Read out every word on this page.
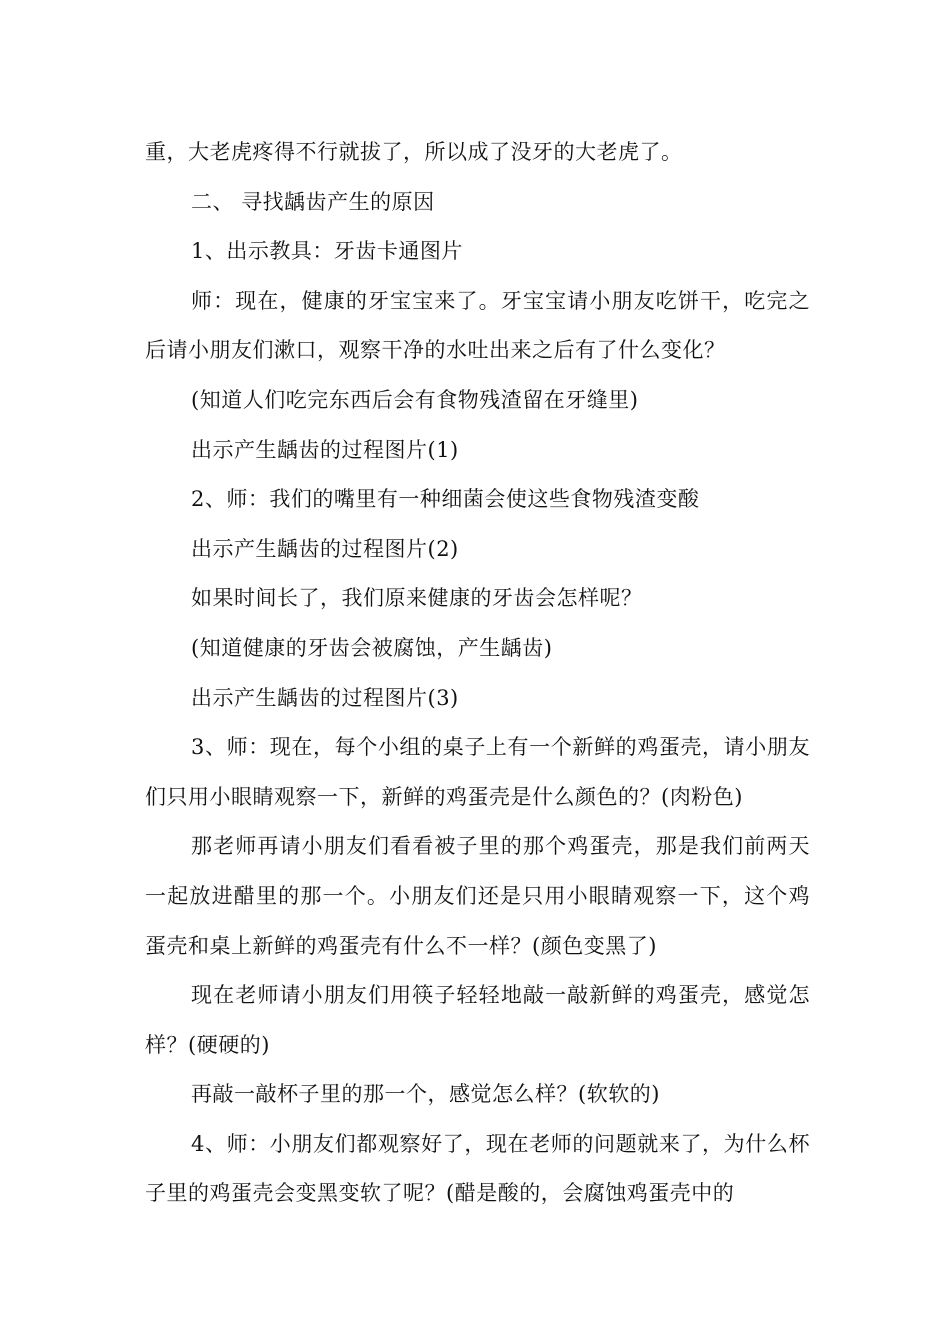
重，大老虎疼得不行就拔了，所以成了没牙的大老虎了。

二、 寻找龋齿产生的原因

1、出示教具：牙齿卡通图片

师：现在，健康的牙宝宝来了。牙宝宝请小朋友吃饼干，吃完之后请小朋友们漱口，观察干净的水吐出来之后有了什么变化？

(知道人们吃完东西后会有食物残渣留在牙缝里)

出示产生龋齿的过程图片(1)

2、师：我们的嘴里有一种细菌会使这些食物残渣变酸

出示产生龋齿的过程图片(2)

如果时间长了，我们原来健康的牙齿会怎样呢？

(知道健康的牙齿会被腐蚀，产生龋齿)

出示产生龋齿的过程图片(3)

3、师：现在，每个小组的桌子上有一个新鲜的鸡蛋壳，请小朋友们只用小眼睛观察一下，新鲜的鸡蛋壳是什么颜色的？(肉粉色)

那老师再请小朋友们看看被子里的那个鸡蛋壳，那是我们前两天一起放进醋里的那一个。小朋友们还是只用小眼睛观察一下，这个鸡蛋壳和桌上新鲜的鸡蛋壳有什么不一样？(颜色变黑了)

现在老师请小朋友们用筷子轻轻地敲一敲新鲜的鸡蛋壳，感觉怎样？(硬硬的)

再敲一敲杯子里的那一个，感觉怎么样？(软软的)

4、师：小朋友们都观察好了，现在老师的问题就来了，为什么杯子里的鸡蛋壳会变黑变软了呢？(醋是酸的，会腐蚀鸡蛋壳中的
